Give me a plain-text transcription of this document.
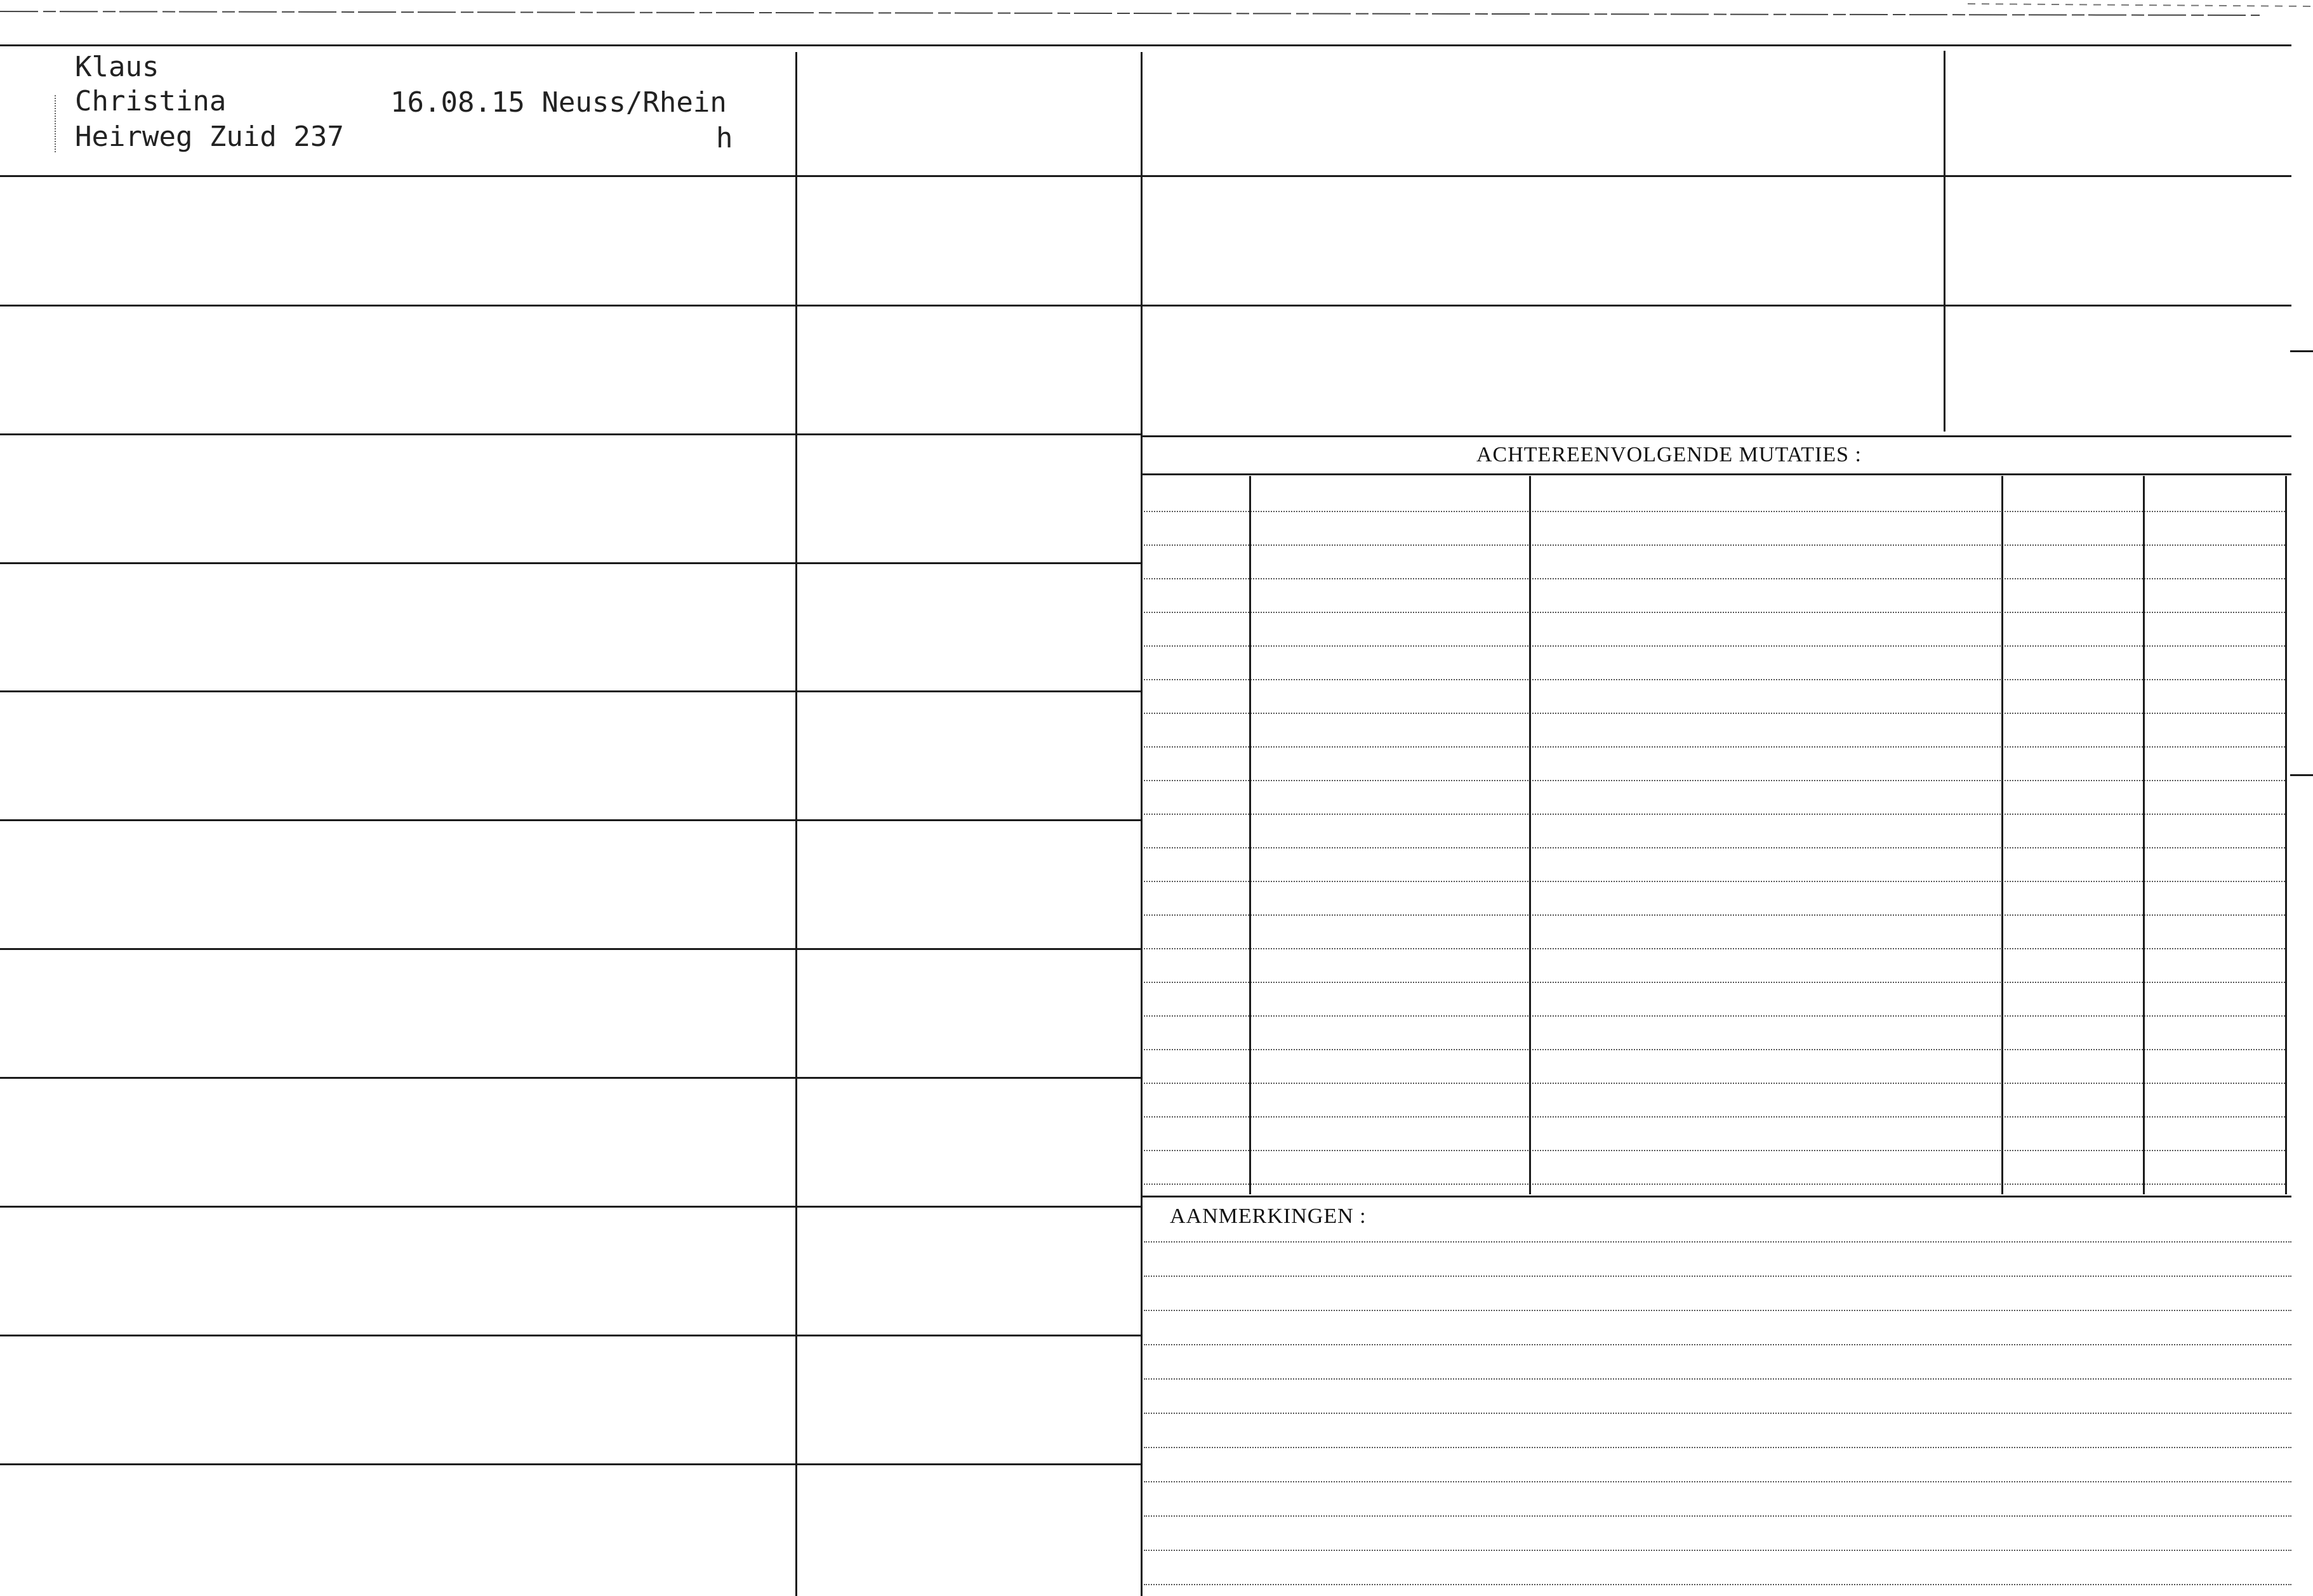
ACHTEREENVOLGENDE MUTATIES :
AANMERKINGEN :
Klaus
Christina
Heirweg Zuid 237
16.08.15 Neuss/Rhein
h
